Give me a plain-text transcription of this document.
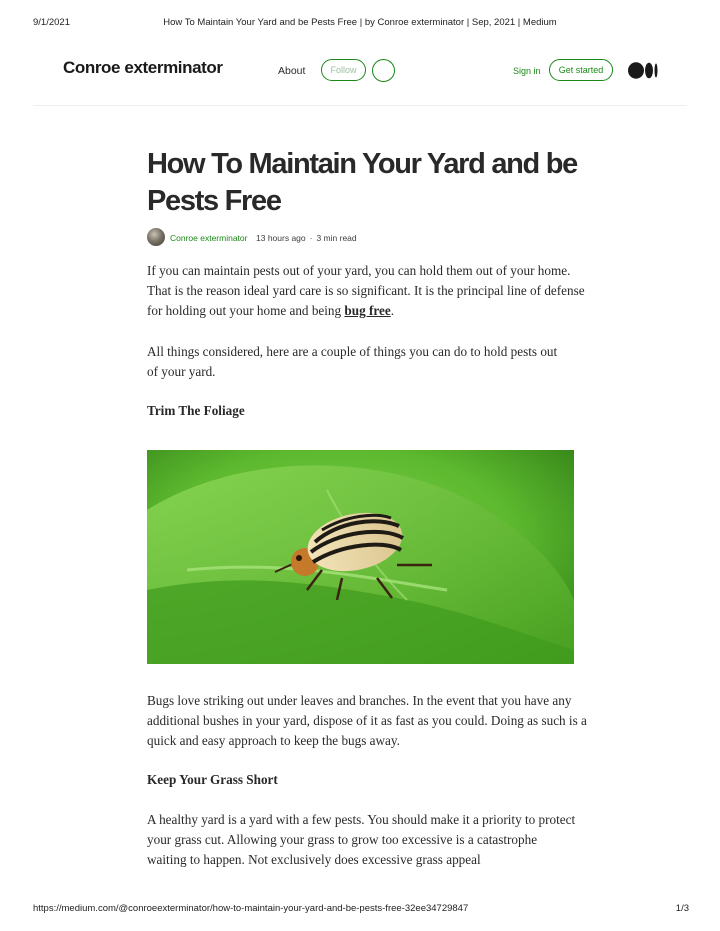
9/1/2021	How To Maintain Your Yard and be Pests Free | by Conroe exterminator | Sep, 2021 | Medium
Conroe exterminator	About	Follow	Sign in	Get started
How To Maintain Your Yard and be Pests Free
Conroe exterminator 13 hours ago · 3 min read

If you can maintain pests out of your yard, you can hold them out of your home. That is the reason ideal yard care is so significant. It is the principal line of defense for holding out your home and being bug free.

All things considered, here are a couple of things you can do to hold pests out of your yard.

Trim The Foliage

Bugs love striking out under leaves and branches. In the event that you have any additional bushes in your yard, dispose of it as fast as you could. Doing as such is a quick and easy approach to keep the bugs away.

Keep Your Grass Short

A healthy yard is a yard with a few pests. You should make it a priority to protect your grass cut. Allowing your grass to grow too excessive is a catastrophe waiting to happen. Not exclusively does excessive grass appeal

https://medium.com/@conroeexterminator/how-to-maintain-your-yard-and-be-pests-free-32ee34729847	1/3
